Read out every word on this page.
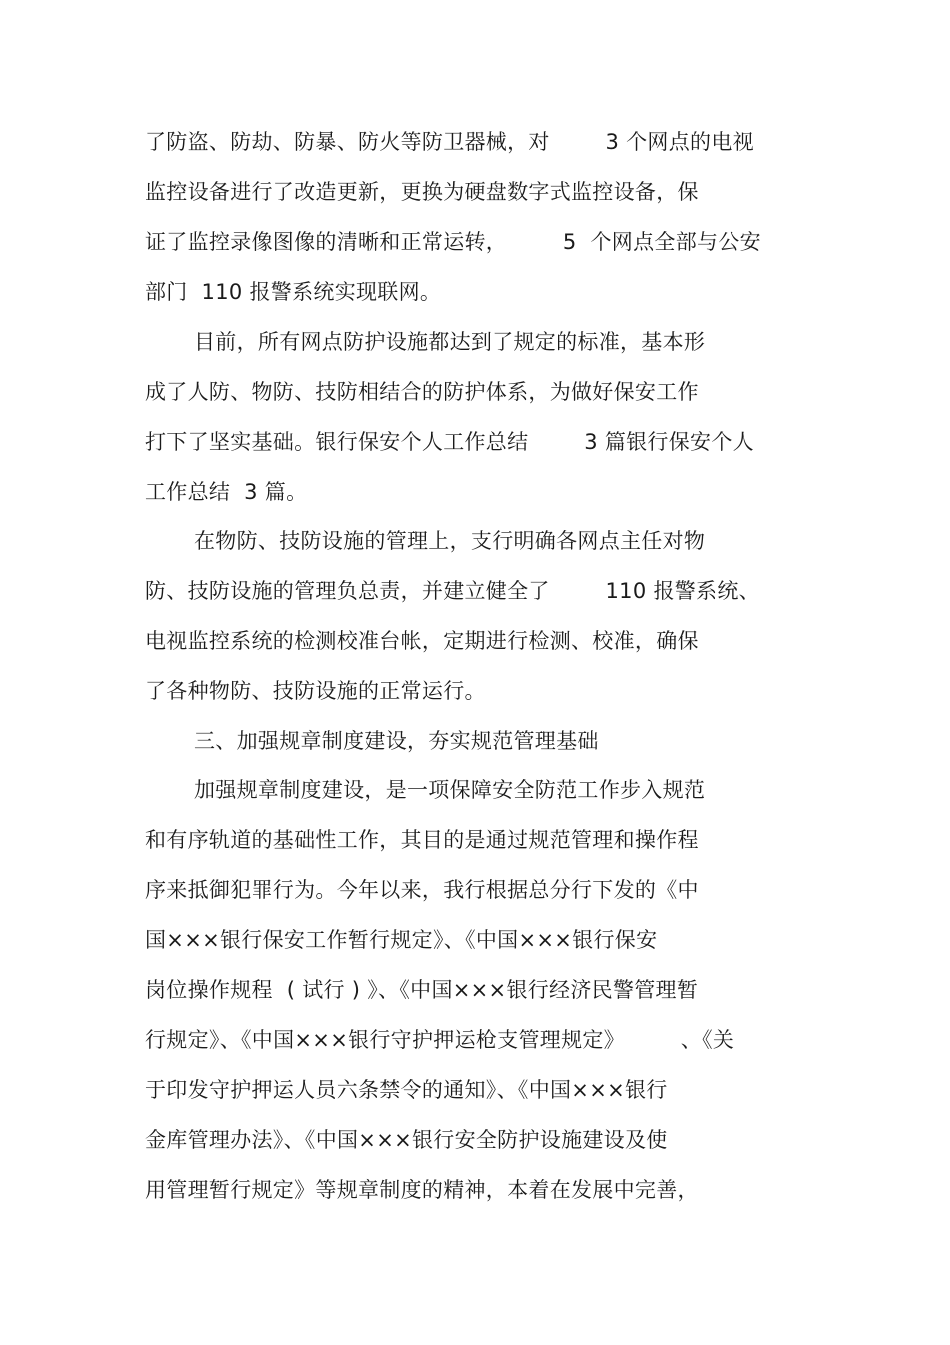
了防盗、防劫、防暴、防火等防卫器械，对        3 个网点的电视

监控设备进行了改造更新，更换为硬盘数字式监控设备，保

证了监控录像图像的清晰和正常运转，        5  个网点全部与公安

部门  110 报警系统实现联网。

目前，所有网点防护设施都达到了规定的标准，基本形

成了人防、物防、技防相结合的防护体系，为做好保安工作

打下了坚实基础。银行保安个人工作总结        3 篇银行保安个人

工作总结  3 篇。

在物防、技防设施的管理上，支行明确各网点主任对物

防、技防设施的管理负总责，并建立健全了        110 报警系统、

电视监控系统的检测校准台帐，定期进行检测、校准，确保

了各种物防、技防设施的正常运行。

三、加强规章制度建设，夯实规范管理基础

加强规章制度建设，是一项保障安全防范工作步入规范

和有序轨道的基础性工作，其目的是通过规范管理和操作程

序来抵御犯罪行为。今年以来，我行根据总分行下发的《中

国×××银行保安工作暂行规定》、《中国×××银行保安

岗位操作规程  ( 试行 ) 》、《中国×××银行经济民警管理暂

行规定》、《中国×××银行守护押运枪支管理规定》        、《关

于印发守护押运人员六条禁令的通知》、《中国×××银行

金库管理办法》、《中国×××银行安全防护设施建设及使

用管理暂行规定》等规章制度的精神，本着在发展中完善，
